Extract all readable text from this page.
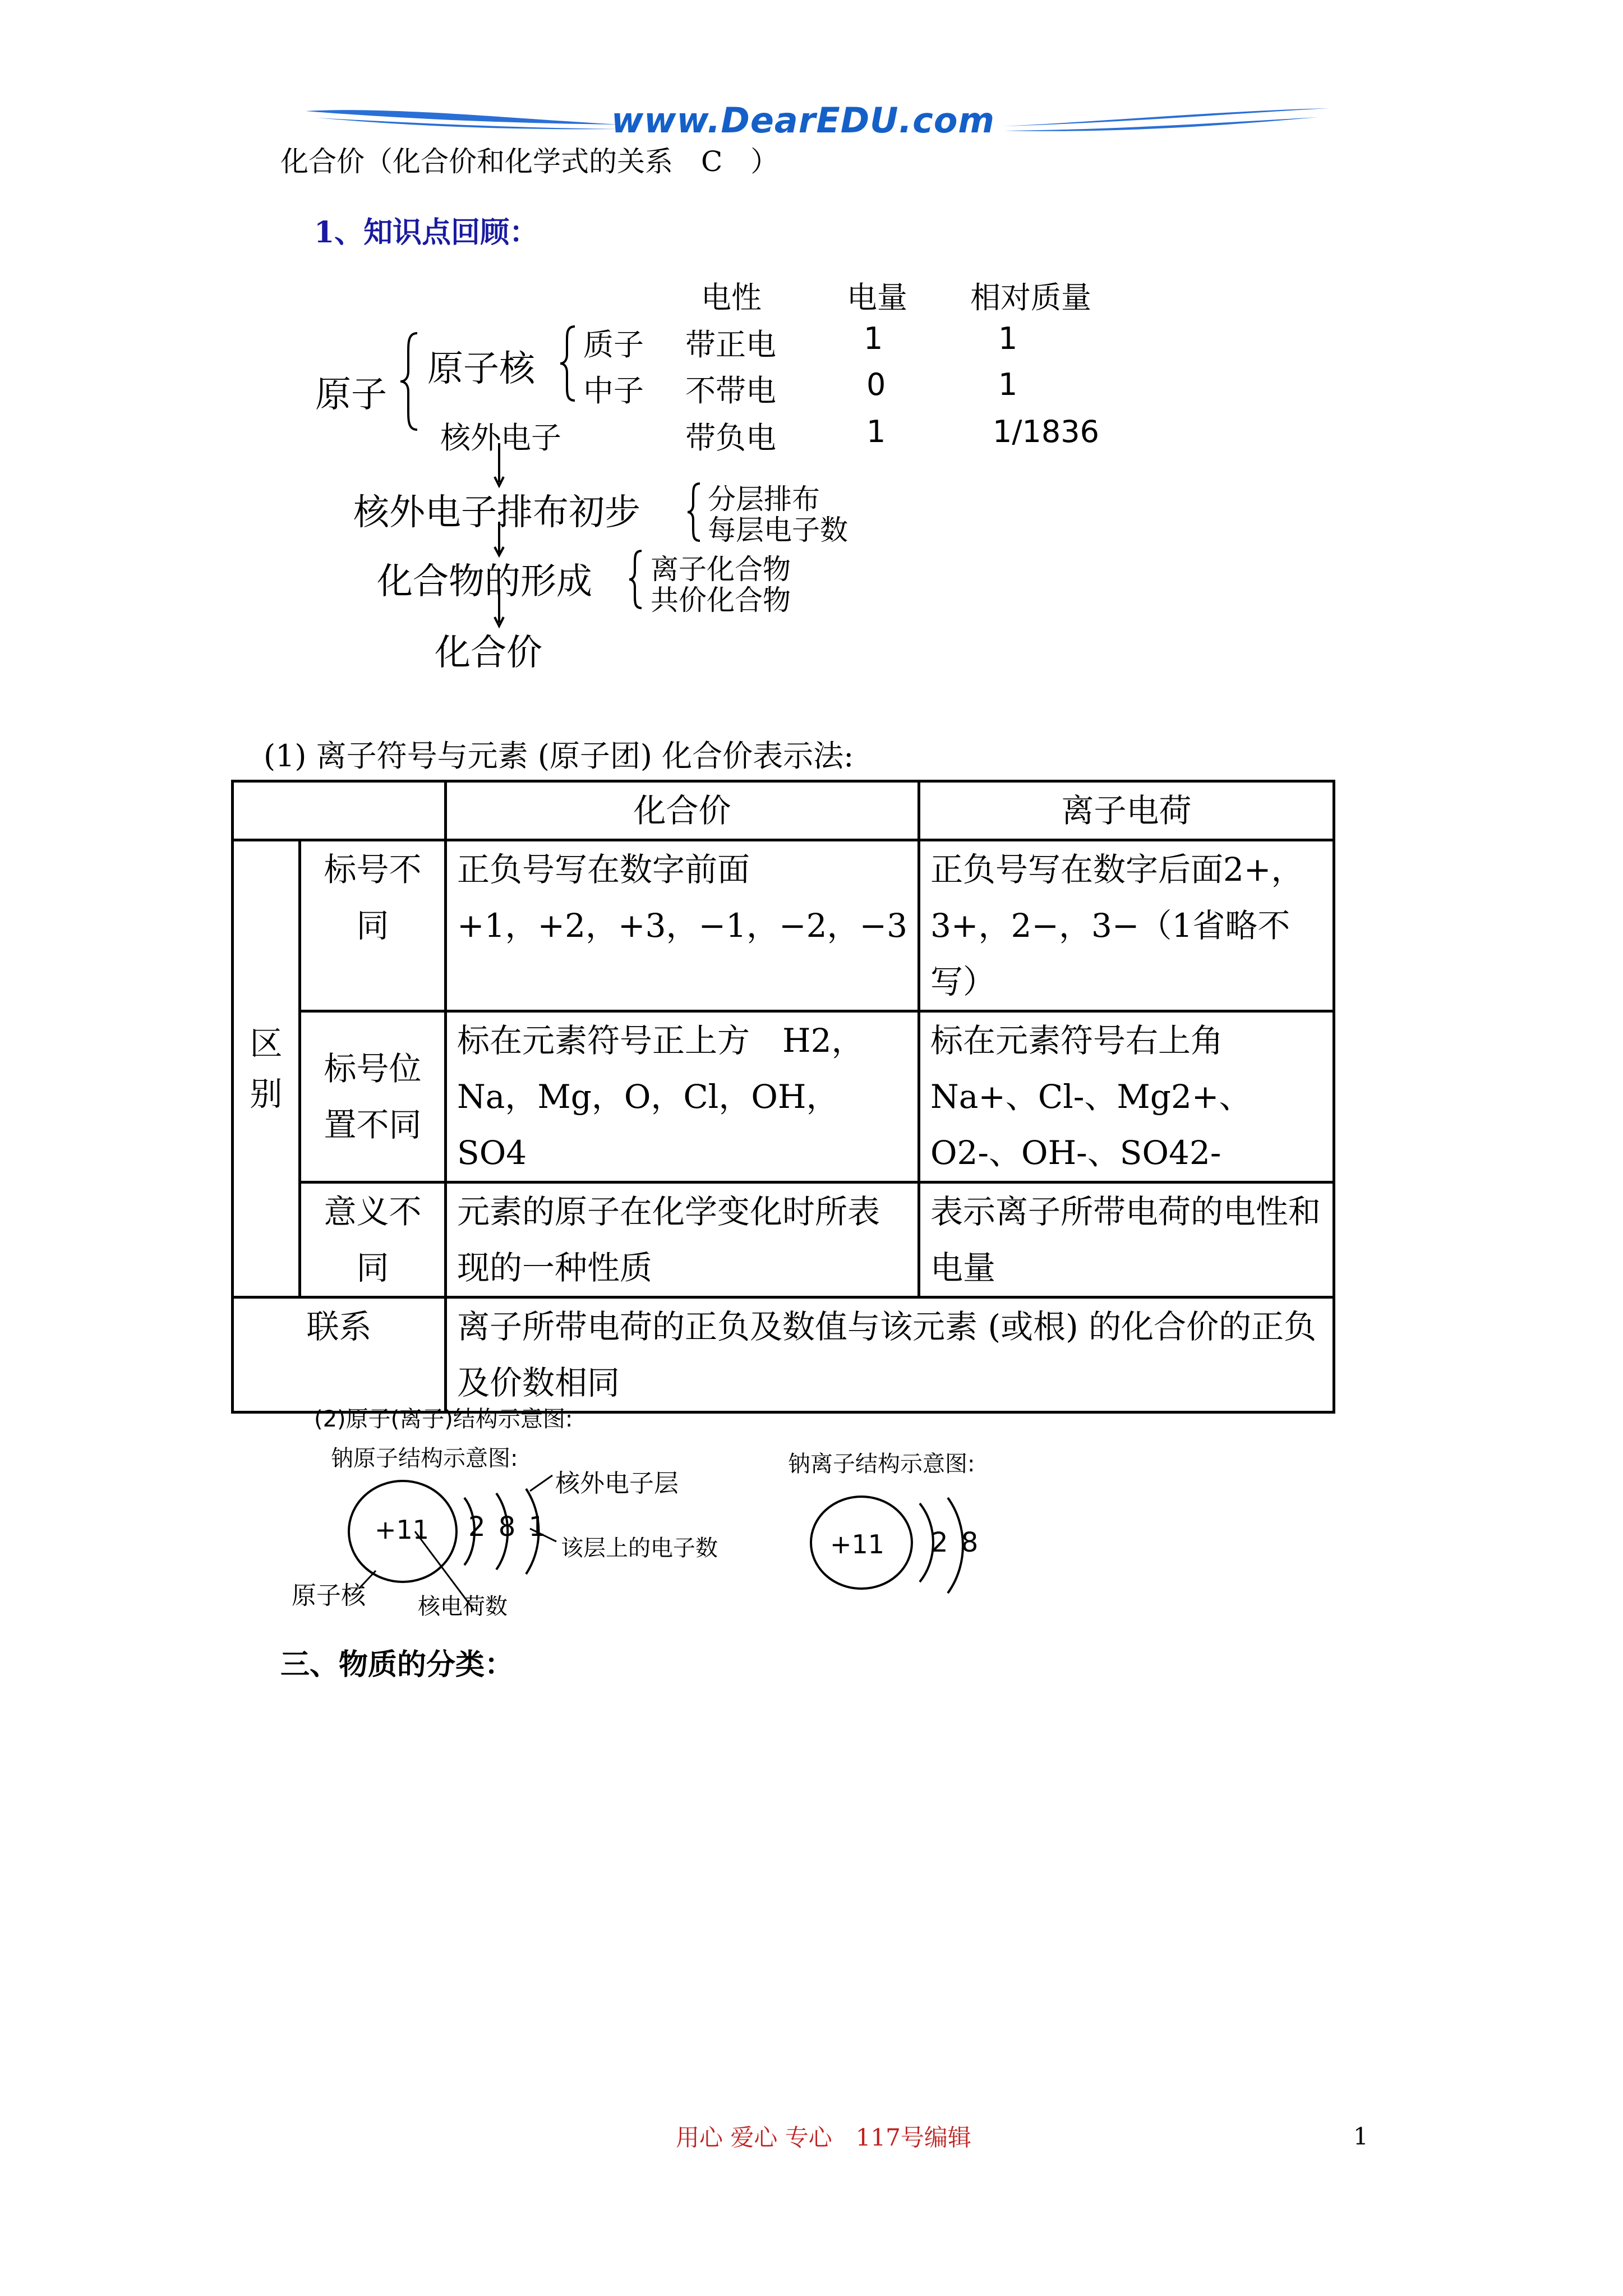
www.DearEDU.com
化合价（化合价和化学式的关系　C　）
1、知识点回顾：
电性	电量 相对质量
原子
原子核
质子 带正电	1	1
中子 不带电	0	1
核外电子	带负电	1	1/1836
核外电子排布初步 分层排布
每层电子数
化合物的形成 离子化合物
共价化合物
化合价
(1) 离子符号与元素 (原子团) 化合价表示法:
		化合价	离子电荷
区别	标号不同	正负号写在数字前面+1，+2，+3，−1，−2，−3	正负号写在数字后面2+，3+，2−，3−（1省略不写）
	标号位置不同	标在元素符号正上方　H2，Na，Mg，O，Cl，OH，SO4	标在元素符号右上角　Na+、Cl-、Mg2+、O2-、OH-、SO42-
	意义不同	元素的原子在化学变化时所表现的一种性质	表示离子所带电荷的电性和电量
联系		离子所带电荷的正负及数值与该元素 (或根) 的化合价的正负及价数相同	
(2)原子(离子)结构示意图:
钠原子结构示意图:	钠离子结构示意图:
+11 2 8 1
核外电子层
该层上的电子数
原子核 核电荷数
+11 2 8
三、物质的分类：
用心 爱心 专心　117号编辑	1
